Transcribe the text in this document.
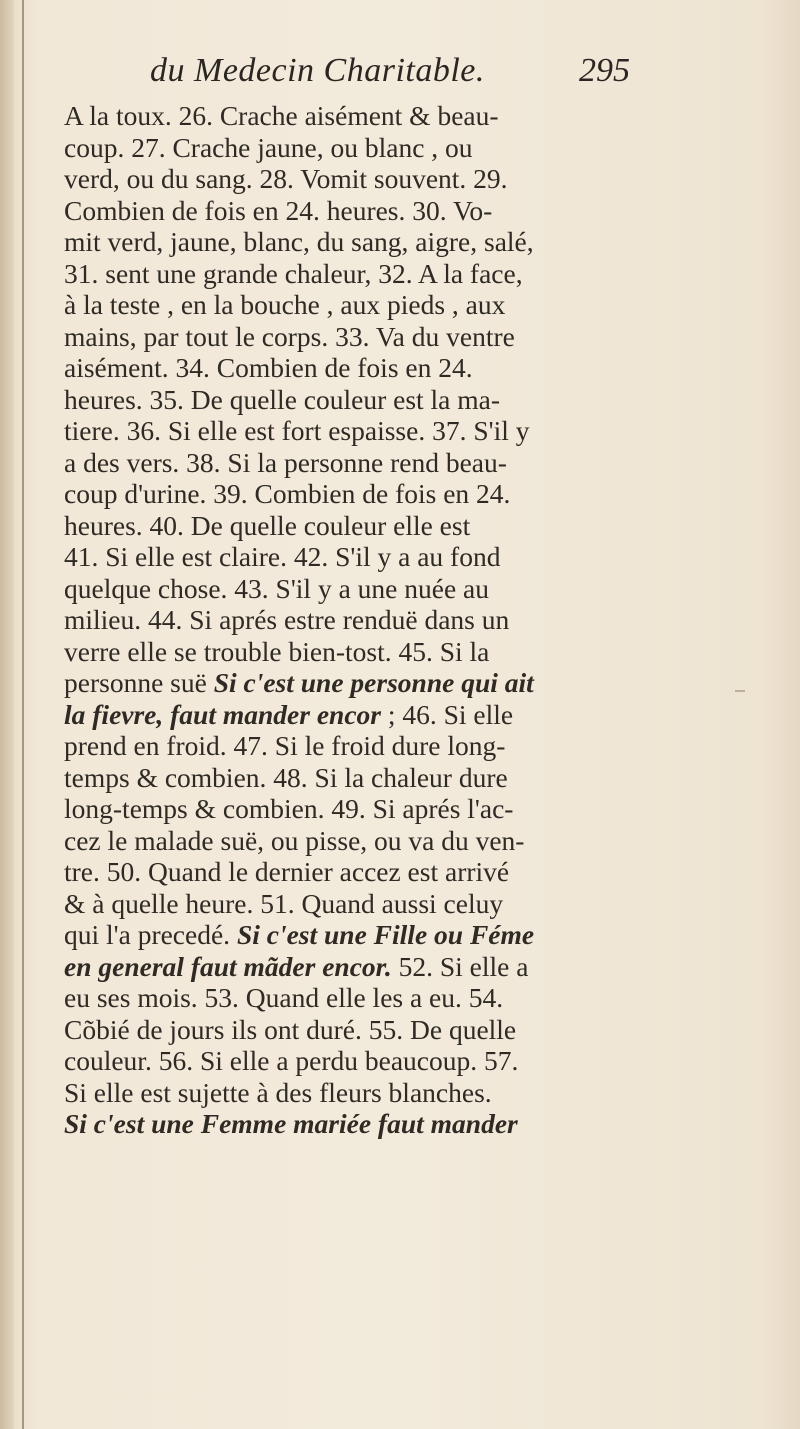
du Medecin Charitable.	295
A la toux. 26. Crache aisément & beau-
coup. 27. Crache jaune, ou blanc , ou
verd, ou du sang. 28. Vomit souvent. 29.
Combien de fois en 24. heures. 30. Vo-
mit verd, jaune, blanc, du sang, aigre, salé,
31. sent une grande chaleur, 32. A la face,
à la teste , en la bouche , aux pieds , aux
mains, par tout le corps. 33. Va du ventre
aisément. 34. Combien de fois en 24.
heures. 35. De quelle couleur est la ma-
tiere. 36. Si elle est fort espaisse. 37. S'il y
a des vers. 38. Si la personne rend beau-
coup d'urine. 39. Combien de fois en 24.
heures. 40. De quelle couleur elle est
41. Si elle est claire. 42. S'il y a au fond
quelque chose. 43. S'il y a une nuée au
milieu. 44. Si aprés estre renduë dans un
verre elle se trouble bien-tost. 45. Si la
personne suë Si c'est une personne qui ait
la fievre, faut mander encor ; 46. Si elle
prend en froid. 47. Si le froid dure long-
temps & combien. 48. Si la chaleur dure
long-temps & combien. 49. Si aprés l'ac-
cez le malade suë, ou pisse, ou va du ven-
tre. 50. Quand le dernier accez est arrivé
& à quelle heure. 51. Quand aussi celuy
qui l'a precedé. Si c'est une Fille ou Féme
en general faut mãder encor. 52. Si elle a
eu ses mois. 53. Quand elle les a eu. 54.
Cõbié de jours ils ont duré. 55. De quelle
couleur. 56. Si elle a perdu beaucoup. 57.
Si elle est sujette à des fleurs blanches.
Si c'est une Femme mariée faut mander
